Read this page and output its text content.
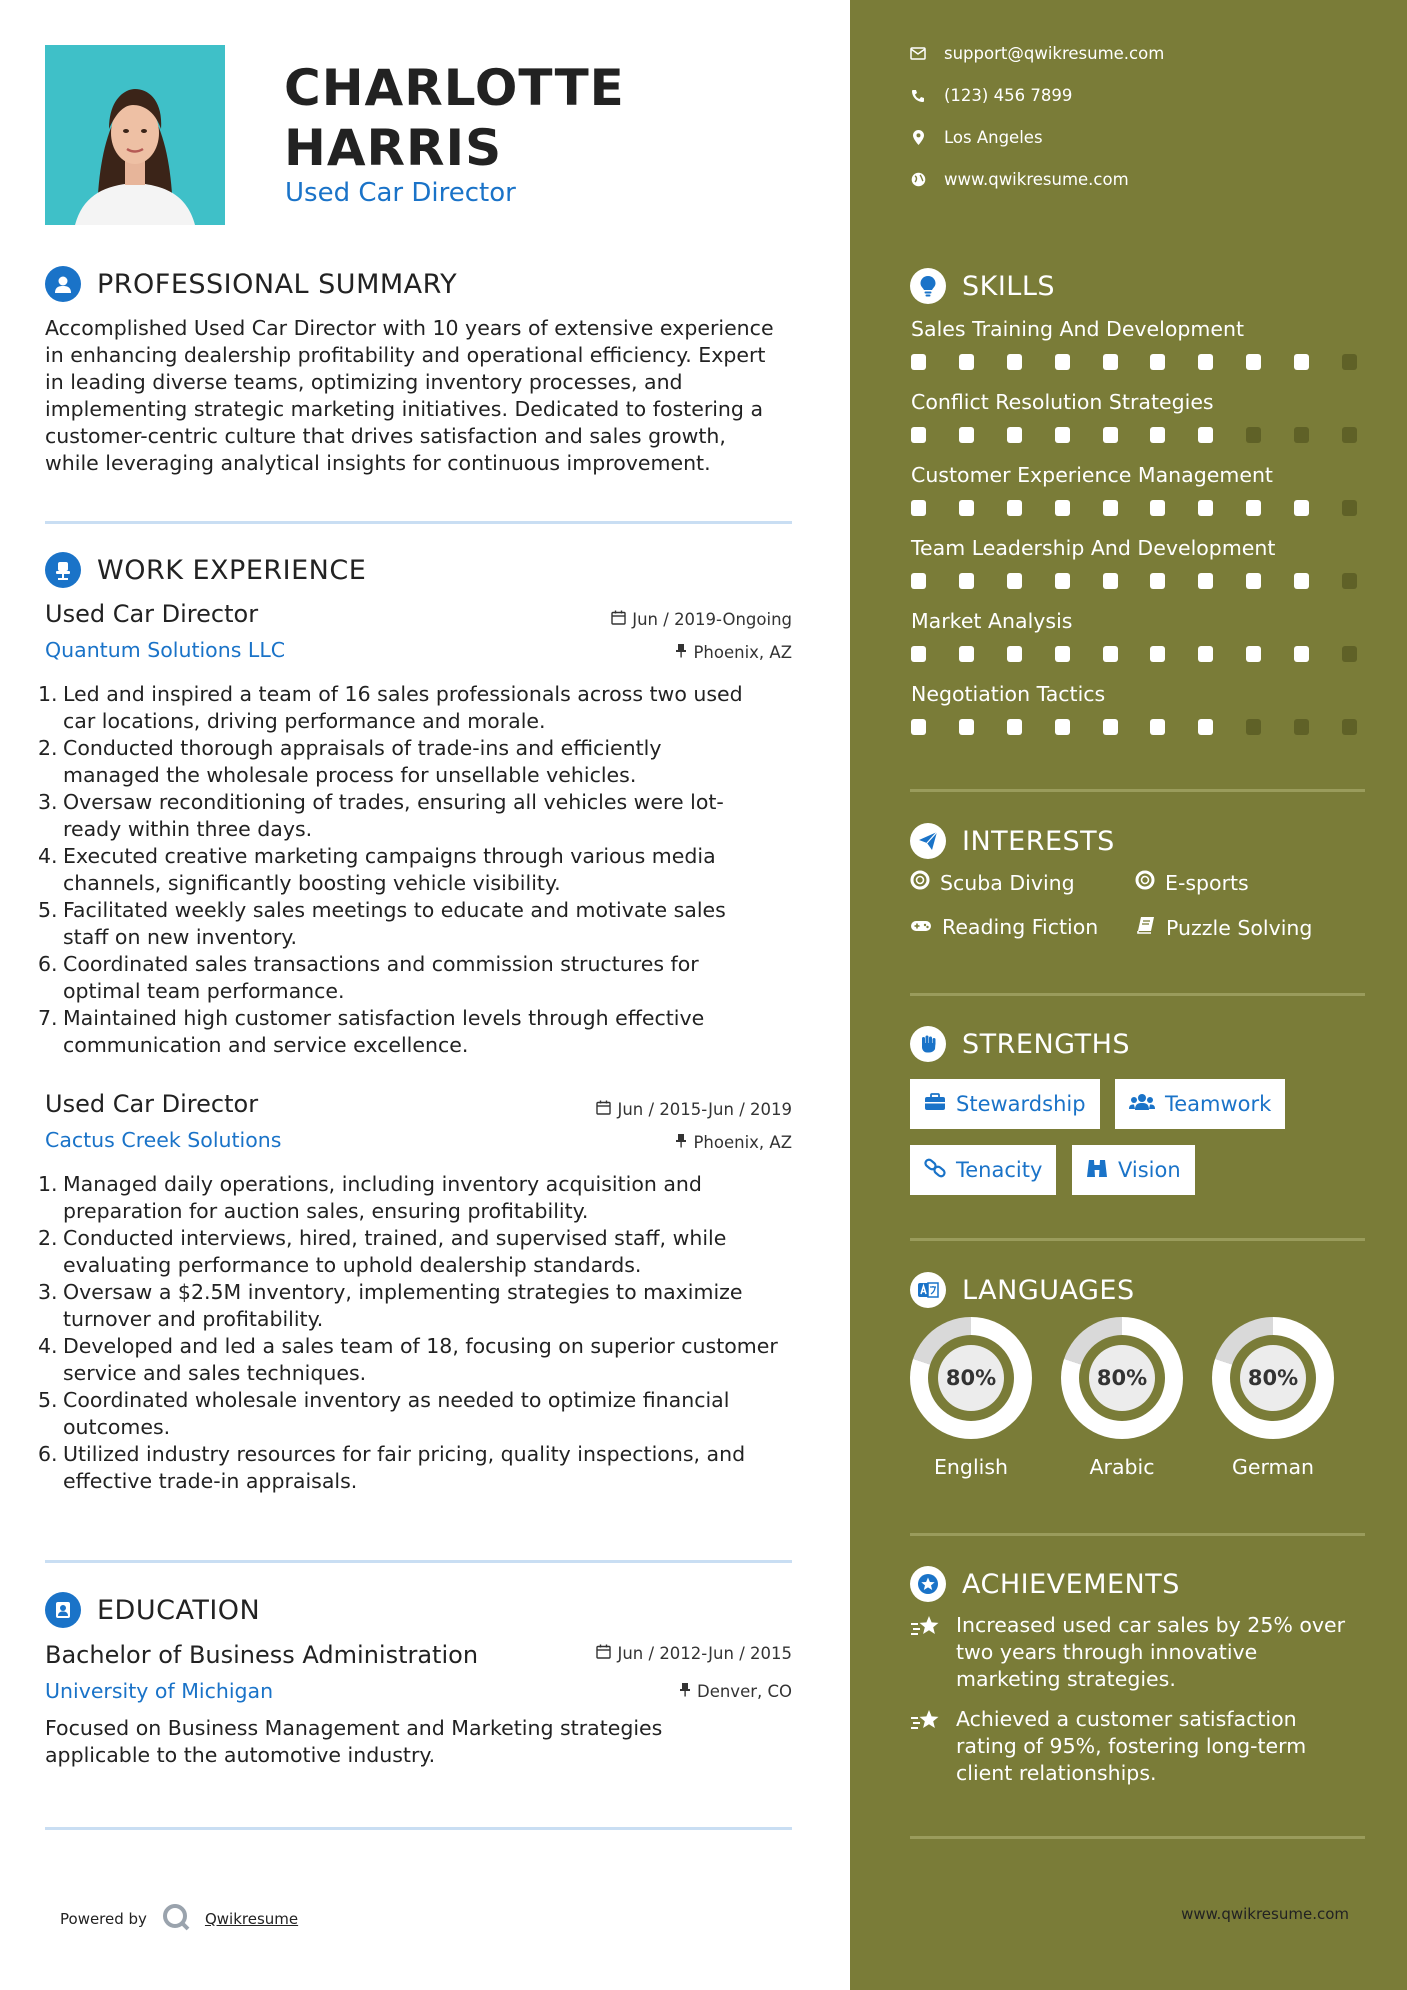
CHARLOTTE
HARRIS
Used Car Director
PROFESSIONAL SUMMARY
Accomplished Used Car Director with 10 years of extensive experience
in enhancing dealership profitability and operational efficiency. Expert
in leading diverse teams, optimizing inventory processes, and
implementing strategic marketing initiatives. Dedicated to fostering a
customer-centric culture that drives satisfaction and sales growth,
while leveraging analytical insights for continuous improvement.
WORK EXPERIENCE
Used Car Director
Quantum Solutions LLC
Jun / 2019-Ongoing
Phoenix, AZ
1. Led and inspired a team of 16 sales professionals across two used
car locations, driving performance and morale.
2. Conducted thorough appraisals of trade-ins and efficiently
managed the wholesale process for unsellable vehicles.
3. Oversaw reconditioning of trades, ensuring all vehicles were lot-
ready within three days.
4. Executed creative marketing campaigns through various media
channels, significantly boosting vehicle visibility.
5. Facilitated weekly sales meetings to educate and motivate sales
staff on new inventory.
6. Coordinated sales transactions and commission structures for
optimal team performance.
7. Maintained high customer satisfaction levels through effective
communication and service excellence.
Used Car Director
Cactus Creek Solutions
Jun / 2015-Jun / 2019
Phoenix, AZ
1. Managed daily operations, including inventory acquisition and
preparation for auction sales, ensuring profitability.
2. Conducted interviews, hired, trained, and supervised staff, while
evaluating performance to uphold dealership standards.
3. Oversaw a $2.5M inventory, implementing strategies to maximize
turnover and profitability.
4. Developed and led a sales team of 18, focusing on superior customer
service and sales techniques.
5. Coordinated wholesale inventory as needed to optimize financial
outcomes.
6. Utilized industry resources for fair pricing, quality inspections, and
effective trade-in appraisals.
EDUCATION
Bachelor of Business Administration
University of Michigan
Jun / 2012-Jun / 2015
Denver, CO
Focused on Business Management and Marketing strategies
applicable to the automotive industry.
Powered by	Qwikresume
support@qwikresume.com
(123) 456 7899
Los Angeles
www.qwikresume.com
SKILLS
Sales Training And Development
Conflict Resolution Strategies
Customer Experience Management
Team Leadership And Development
Market Analysis
Negotiation Tactics
INTERESTS
Scuba Diving	E-sports
Reading Fiction	Puzzle Solving
STRENGTHS
Stewardship	Teamwork
Tenacity	Vision
LANGUAGES
80%
English
80%
Arabic
80%
German
ACHIEVEMENTS
Increased used car sales by 25% over
two years through innovative
marketing strategies.
Achieved a customer satisfaction
rating of 95%, fostering long-term
client relationships.
www.qwikresume.com
